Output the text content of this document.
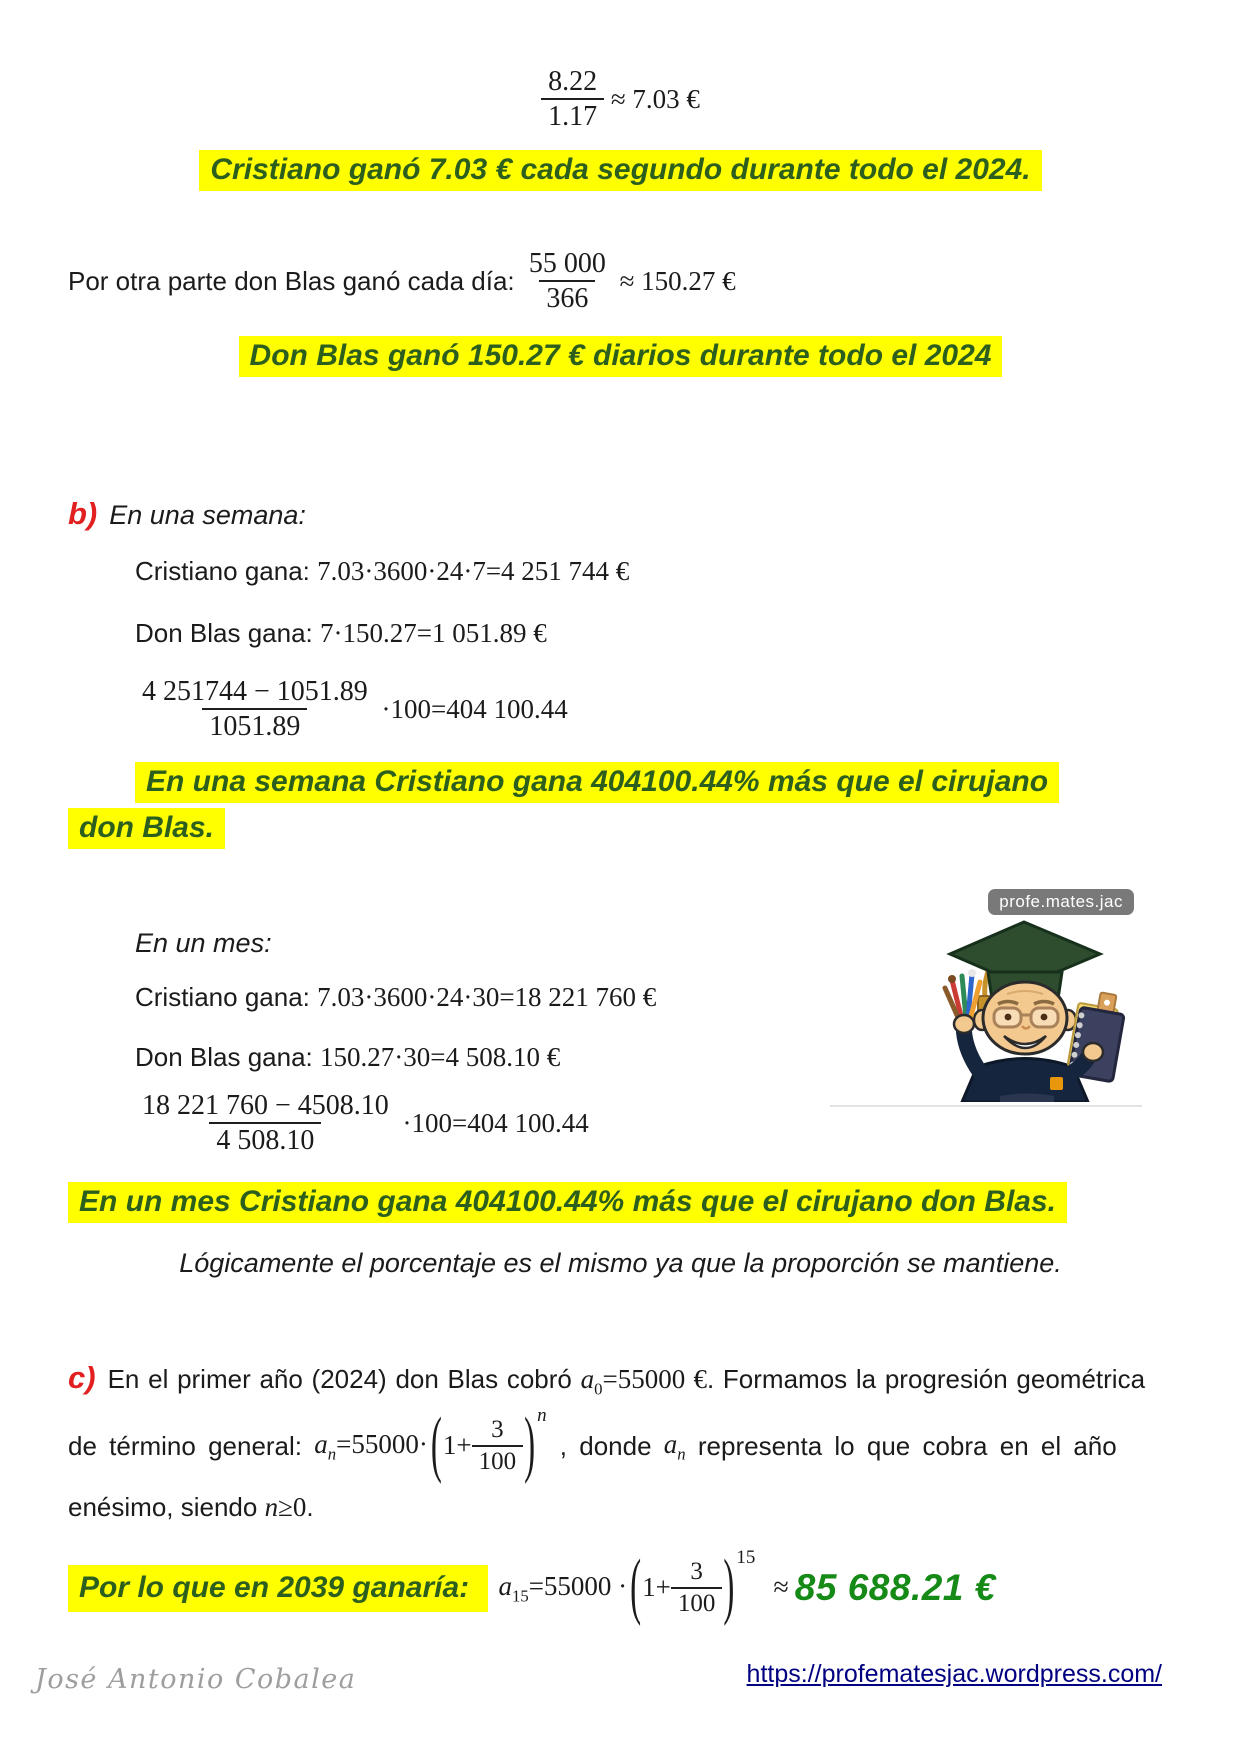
$\frac{8.22}{1.17} \approx 7.03$ €
Cristiano ganó 7.03 € cada segundo durante todo el 2024.
Por otra parte don Blas ganó cada día: $\frac{55 000}{366} \approx 150.27$ €
Don Blas ganó 150.27 € diarios durante todo el 2024
b) En una semana:
Cristiano gana: 7.03·3600·24·7=4 251 744 €
Don Blas gana: 7·150.27=1 051.89 €
$\frac{4 251744 - 1051.89}{1051.89} \cdot 100=404$ 100.44
En una semana Cristiano gana 404100.44% más que el cirujano
don Blas.
profe.mates.jac
En un mes:
Cristiano gana: 7.03·3600·24·30=18 221 760 €
Don Blas gana: 150.27·30=4 508.10 €
$\frac{18 221 760 - 4508.10}{4 508.10} \cdot 100=404$ 100.44
En un mes Cristiano gana 404100.44% más que el cirujano don Blas.
Lógicamente el porcentaje es el mismo ya que la proporción se mantiene.
c) En el primer año (2024) don Blas cobró $a_0=55000$ € . Formamos la progresión geométrica
de término general: $a_n=55000\cdot$ ( $1+ \frac{3}{100} )^n$
, donde $a_n$ representa lo que cobra en el año
enésimo, siendo n≥0 .
Por lo que en 2039 ganaría: $a_{15}=55000$ · ( $1+ \frac{3}{100} )^{15}$
≈ 85 688.21 €
José Antonio Cobalea	https://profematesjac.wordpress.com/
